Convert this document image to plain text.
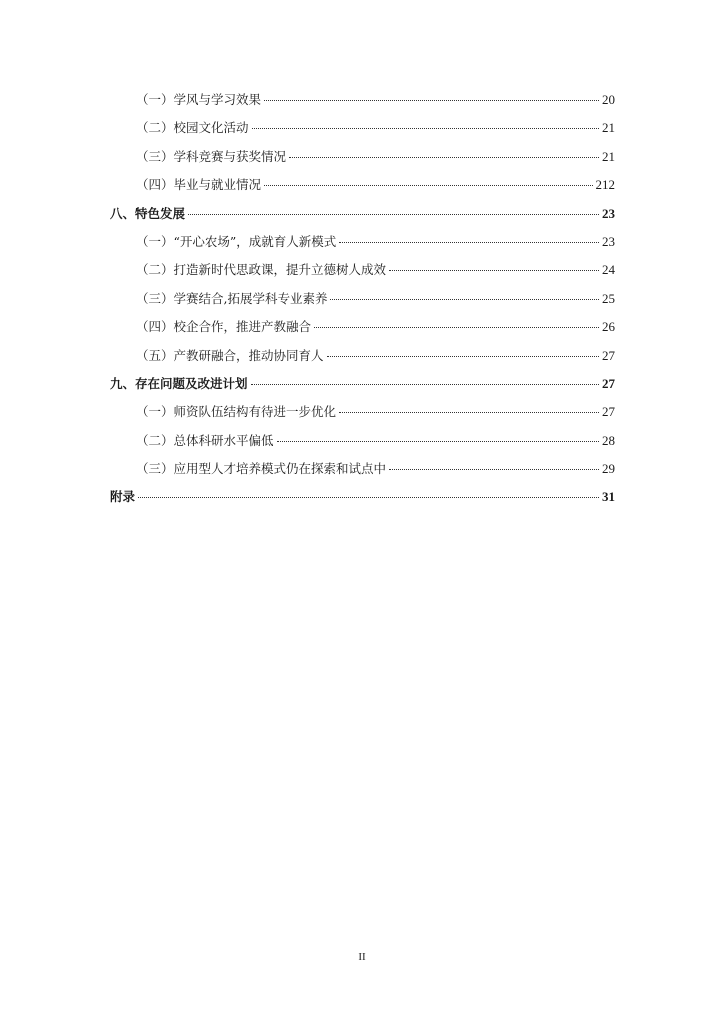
（一）学风与学习效果	20
（二）校园文化活动	21
（三）学科竞赛与获奖情况	21
（四）毕业与就业情况	212
八、特色发展	23
（一）“开心农场”，成就育人新模式	23
（二）打造新时代思政课，提升立德树人成效	24
（三）学赛结合,拓展学科专业素养	25
（四）校企合作，推进产教融合	26
（五）产教研融合，推动协同育人	27
九、存在问题及改进计划	27
（一）师资队伍结构有待进一步优化	27
（二）总体科研水平偏低	28
（三）应用型人才培养模式仍在探索和试点中	29
附录	31
II
